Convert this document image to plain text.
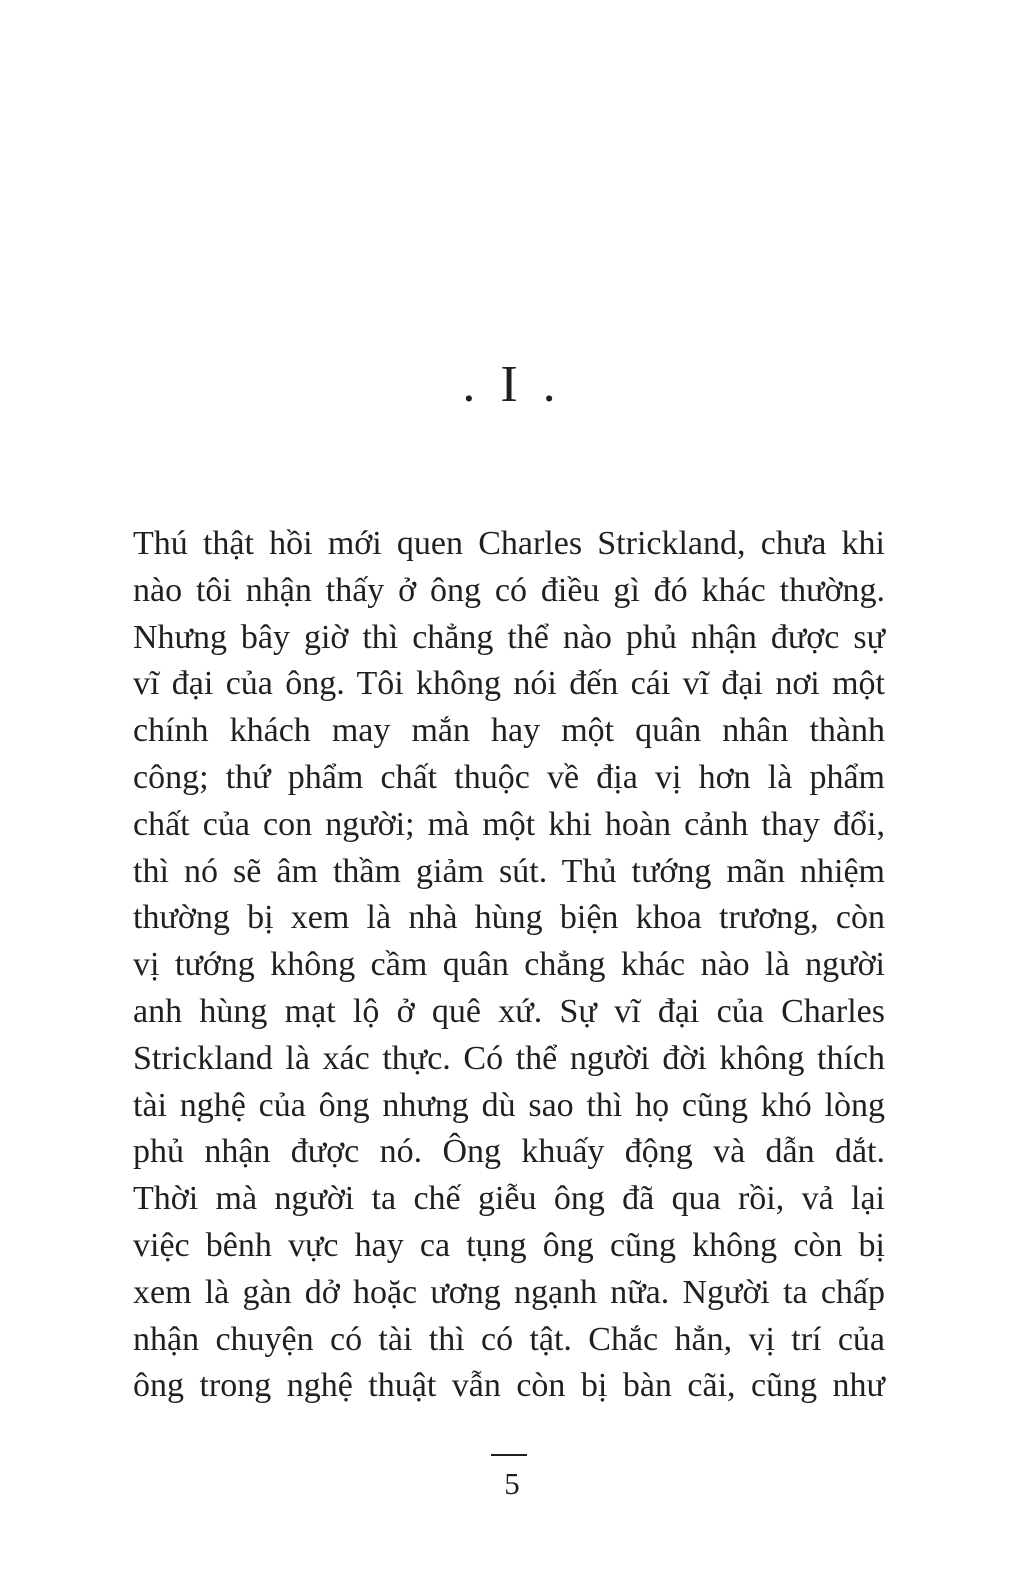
. I .
Thú thật hồi mới quen Charles Strickland, chưa khi
nào tôi nhận thấy ở ông có điều gì đó khác thường.
Nhưng bây giờ thì chẳng thể nào phủ nhận được sự
vĩ đại của ông. Tôi không nói đến cái vĩ đại nơi một
chính khách may mắn hay một quân nhân thành
công; thứ phẩm chất thuộc về địa vị hơn là phẩm
chất của con người; mà một khi hoàn cảnh thay đổi,
thì nó sẽ âm thầm giảm sút. Thủ tướng mãn nhiệm
thường bị xem là nhà hùng biện khoa trương, còn
vị tướng không cầm quân chẳng khác nào là người
anh hùng mạt lộ ở quê xứ. Sự vĩ đại của Charles
Strickland là xác thực. Có thể người đời không thích
tài nghệ của ông nhưng dù sao thì họ cũng khó lòng
phủ nhận được nó. Ông khuấy động và dẫn dắt.
Thời mà người ta chế giễu ông đã qua rồi, vả lại
việc bênh vực hay ca tụng ông cũng không còn bị
xem là gàn dở hoặc ương ngạnh nữa. Người ta chấp
nhận chuyện có tài thì có tật. Chắc hẳn, vị trí của
ông trong nghệ thuật vẫn còn bị bàn cãi, cũng như
5
